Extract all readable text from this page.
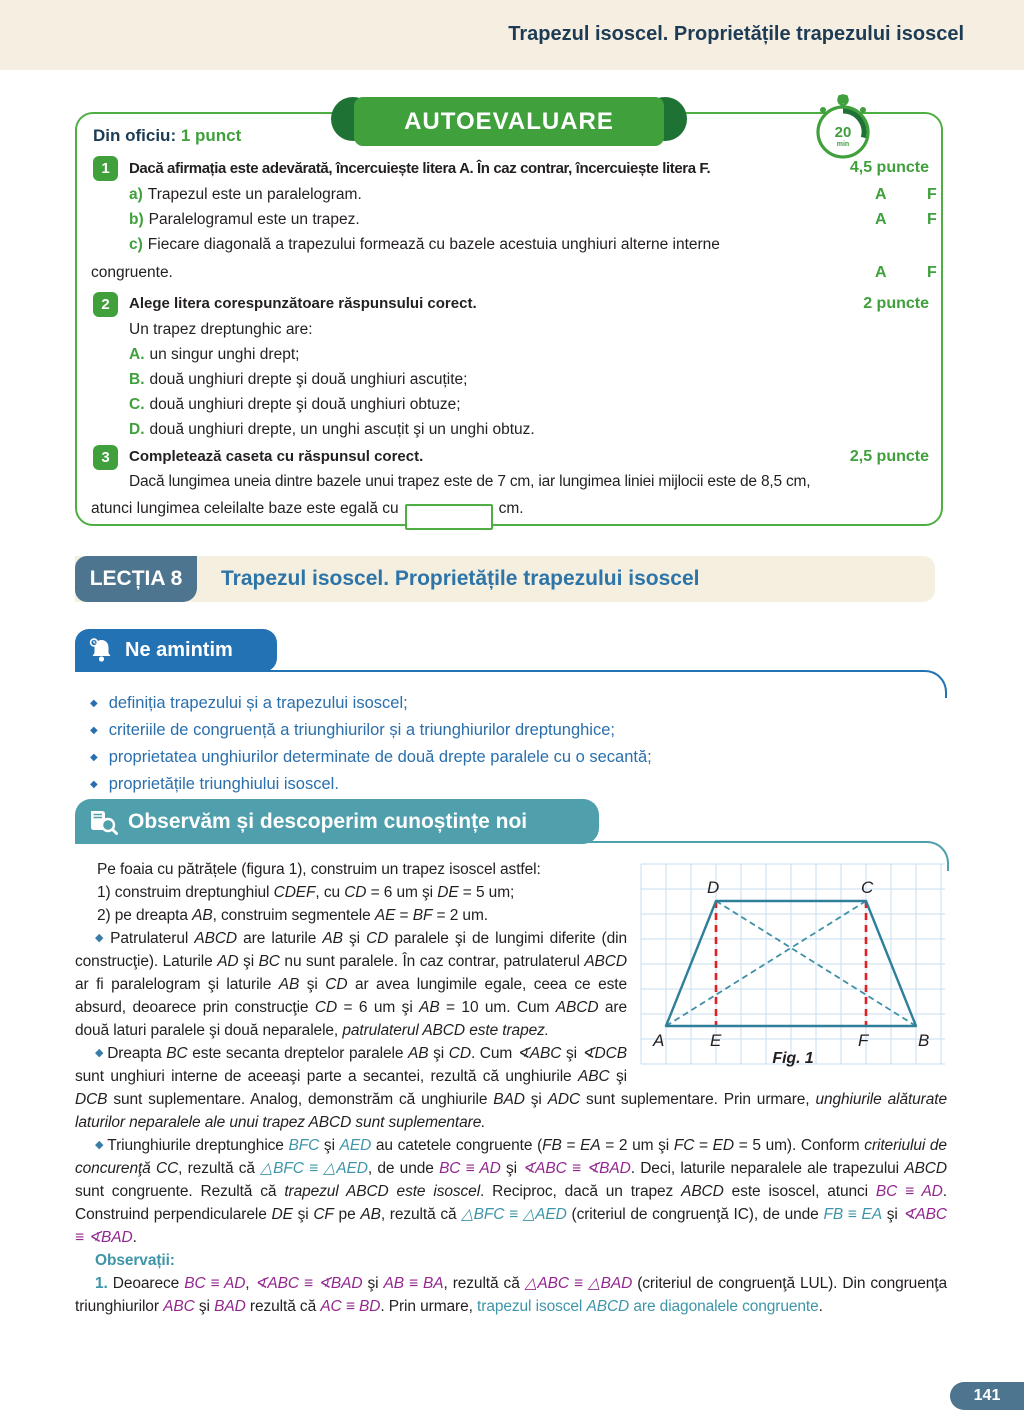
Trapezul isoscel. Proprietățile trapezului isoscel
AUTOEVALUARE	20
min
Din oficiu: 1 punct
1	Dacă afirmația este adevărată, încercuiește litera A. În caz contrar, încercuiește litera F.	4,5 puncte
a) Trapezul este un paralelogram.	A	F
b) Paralelogramul este un trapez.	A	F
c) Fiecare diagonală a trapezului formează cu bazele acestuia unghiuri alterne interne
congruente.	A	F
2	Alege litera corespunzătoare răspunsului corect.	2 puncte
Un trapez dreptunghic are:
A. un singur unghi drept;
B. două unghiuri drepte şi două unghiuri ascuțite;
C. două unghiuri drepte şi două unghiuri obtuze;
D. două unghiuri drepte, un unghi ascuțit şi un unghi obtuz.
3	Completează caseta cu răspunsul corect.	2,5 puncte
Dacă lungimea uneia dintre bazele unui trapez este de 7 cm, iar lungimea liniei mijlocii este de 8,5 cm,
atunci lungimea celeilalte baze este egală cu	cm.
LECȚIA 8	Trapezul isoscel. Proprietățile trapezului isoscel
Ne amintim
◆ definiția trapezului și a trapezului isoscel;
◆ criteriile de congruență a triunghiurilor și a triunghiurilor dreptunghice;
◆ proprietatea unghiurilor determinate de două drepte paralele cu o secantă;
◆ proprietățile triunghiului isoscel.
Observăm și descoperim cunoștințe noi
D	C
A	E	F	B
Fig. 1
Pe foaia cu pătrățele (figura 1), construim un trapez isoscel astfel:
1) construim dreptunghiul CDEF, cu CD = 6 um şi DE = 5 um;
2) pe dreapta AB, construim segmentele AE = BF = 2 um.

◆ Patrulaterul ABCD are laturile AB şi CD paralele şi de lungimi diferite (din construcţie). Laturile AD şi BC nu sunt paralele. În caz contrar, patrulaterul ABCD ar fi paralelogram şi laturile AB şi CD ar avea lungimile egale, ceea ce este absurd, deoarece prin construcţie CD = 6 um şi AB = 10 um. Cum ABCD are două laturi paralele şi două neparalele, patrulaterul ABCD este trapez.

◆ Dreapta BC este secanta dreptelor paralele AB şi CD. Cum ∢ABC şi ∢DCB sunt unghiuri interne de aceeaşi parte a secantei, rezultă că unghiurile ABC şi DCB sunt suplementare. Analog, demonstrăm că unghiurile BAD şi ADC sunt suplementare. Prin urmare, unghiurile alăturate laturilor neparalele ale unui trapez ABCD sunt suplementare.

◆ Triunghiurile dreptunghice BFC şi AED au catetele congruente (FB = EA = 2 um şi FC = ED = 5 um). Conform criteriului de concurenţă CC, rezultă că △BFC ≡ △AED, de unde BC ≡ AD şi ∢ABC ≡ ∢BAD. Deci, laturile neparalele ale trapezului ABCD sunt congruente. Rezultă că trapezul ABCD este isoscel. Reciproc, dacă un trapez ABCD este isoscel, atunci BC ≡ AD. Construind perpendicularele DE şi CF pe AB, rezultă că △BFC ≡ △AED (criteriul de congruenţă IC), de unde FB ≡ EA şi ∢ABC ≡ ∢BAD.

Observații:

1. Deoarece BC ≡ AD, ∢ABC ≡ ∢BAD şi AB ≡ BA, rezultă că △ABC ≡ △BAD (criteriul de congruenţă LUL). Din congruenţa triunghiurilor ABC şi BAD rezultă că AC ≡ BD. Prin urmare, trapezul isoscel ABCD are diagonalele congruente.

141
